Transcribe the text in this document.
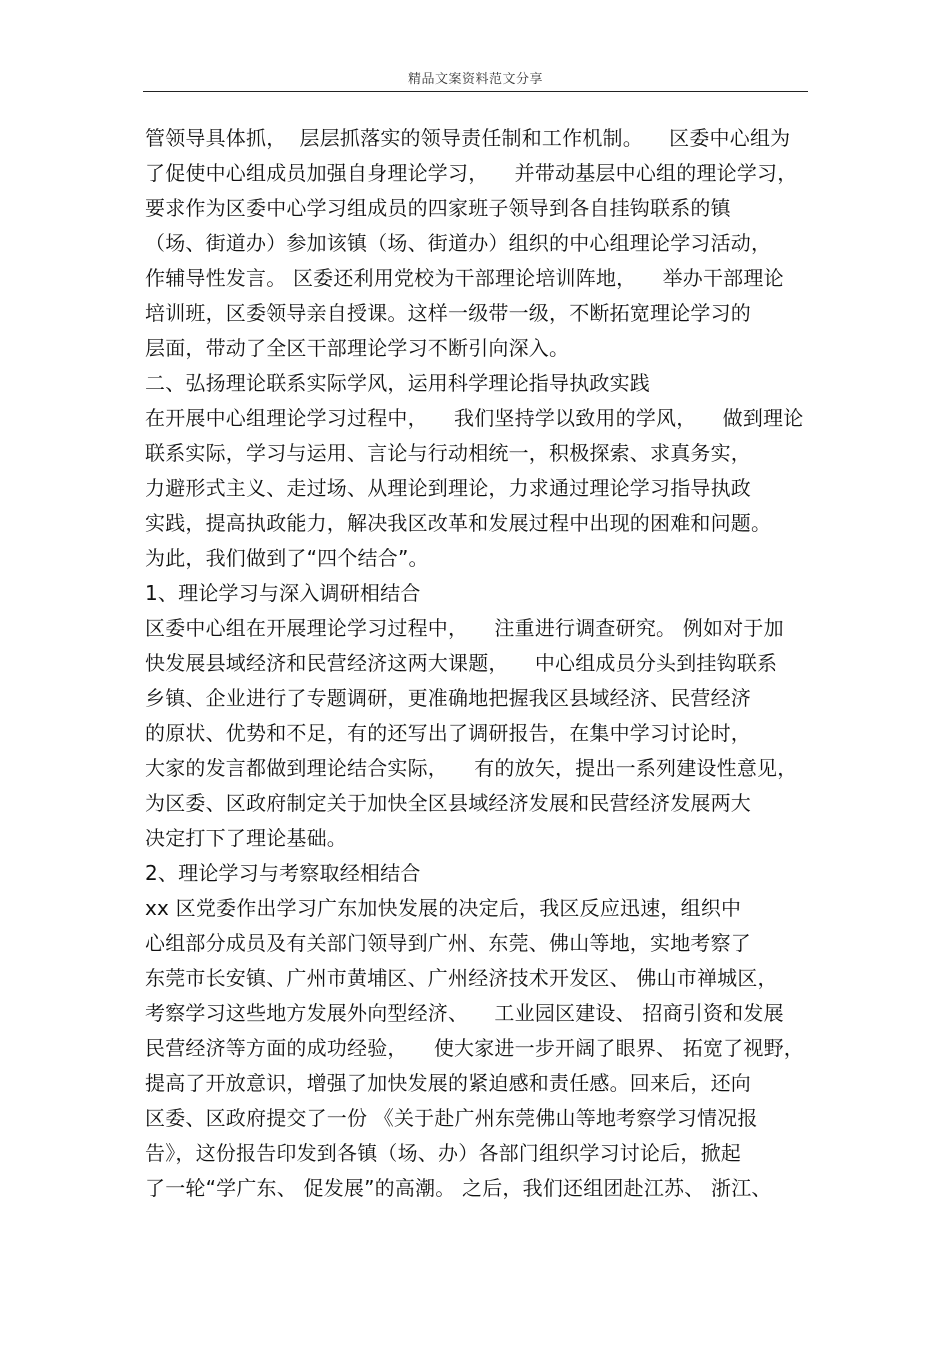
精品文案资料范文分享
管领导具体抓，  层层抓落实的领导责任制和工作机制。    区委中心组为
了促使中心组成员加强自身理论学习，    并带动基层中心组的理论学习，
要求作为区委中心学习组成员的四家班子领导到各自挂钩联系的镇
（场、街道办）参加该镇（场、街道办）组织的中心组理论学习活动，
作辅导性发言。 区委还利用党校为干部理论培训阵地，    举办干部理论
培训班，区委领导亲自授课。这样一级带一级，不断拓宽理论学习的
层面，带动了全区干部理论学习不断引向深入。
二、弘扬理论联系实际学风，运用科学理论指导执政实践
在开展中心组理论学习过程中，    我们坚持学以致用的学风，    做到理论
联系实际，学习与运用、言论与行动相统一，积极探索、求真务实，
力避形式主义、走过场、从理论到理论，力求通过理论学习指导执政
实践，提高执政能力，解决我区改革和发展过程中出现的困难和问题。
为此，我们做到了“四个结合”。
1、理论学习与深入调研相结合
区委中心组在开展理论学习过程中，    注重进行调查研究。 例如对于加
快发展县域经济和民营经济这两大课题，    中心组成员分头到挂钩联系
乡镇、企业进行了专题调研，更准确地把握我区县域经济、民营经济
的原状、优势和不足，有的还写出了调研报告，在集中学习讨论时，
大家的发言都做到理论结合实际，    有的放矢，提出一系列建设性意见，
为区委、区政府制定关于加快全区县域经济发展和民营经济发展两大
决定打下了理论基础。
2、理论学习与考察取经相结合
xx 区党委作出学习广东加快发展的决定后，我区反应迅速，组织中
心组部分成员及有关部门领导到广州、东莞、佛山等地，实地考察了
东莞市长安镇、广州市黄埔区、广州经济技术开发区、 佛山市禅城区，
考察学习这些地方发展外向型经济、    工业园区建设、 招商引资和发展
民营经济等方面的成功经验，    使大家进一步开阔了眼界、 拓宽了视野，
提高了开放意识，增强了加快发展的紧迫感和责任感。回来后，还向
区委、区政府提交了一份 《关于赴广州东莞佛山等地考察学习情况报
告》，这份报告印发到各镇（场、办）各部门组织学习讨论后，掀起
了一轮“学广东、 促发展”的高潮。 之后，我们还组团赴江苏、 浙江、
